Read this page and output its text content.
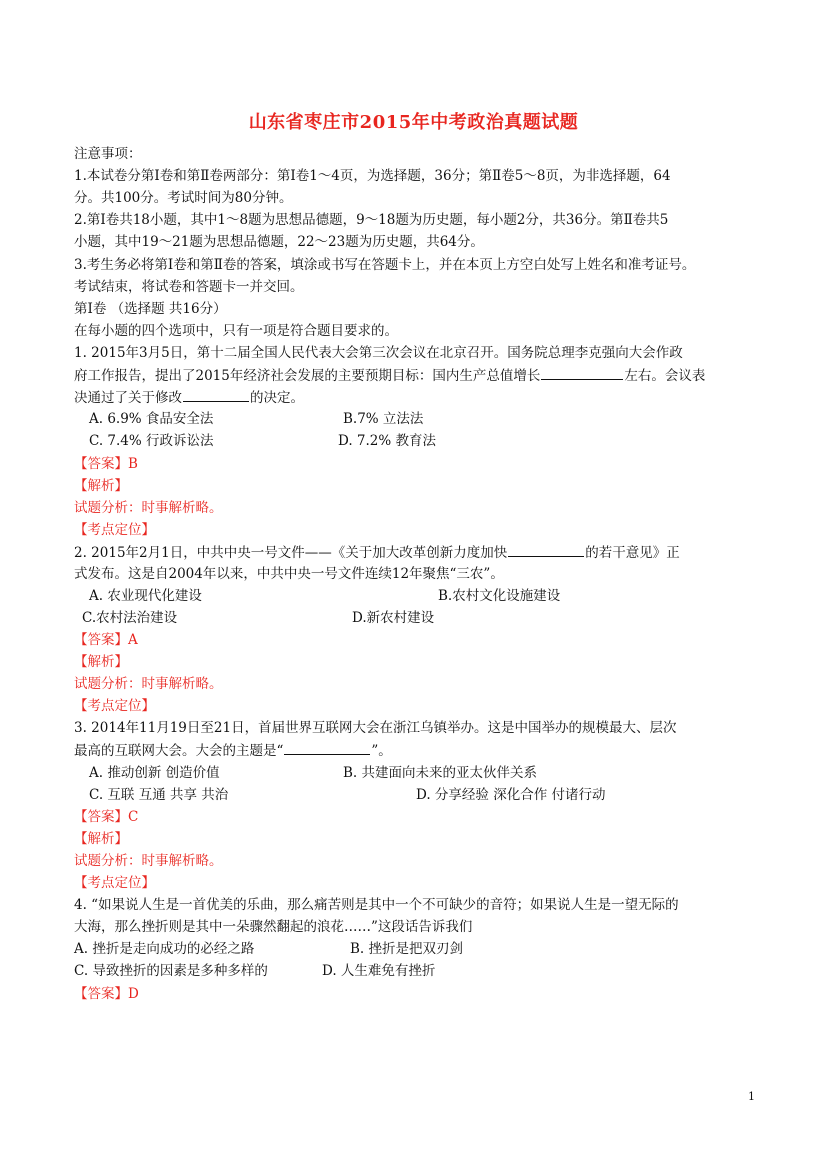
山东省枣庄市2015年中考政治真题试题
注意事项：
1.本试卷分第Ⅰ卷和第Ⅱ卷两部分：第Ⅰ卷1～4页，为选择题，36分；第Ⅱ卷5～8页，为非选择题，64
分。共100分。考试时间为80分钟。
2.第Ⅰ卷共18小题，其中1～8题为思想品德题，9～18题为历史题，每小题2分，共36分。第Ⅱ卷共5
小题，其中19～21题为思想品德题，22～23题为历史题，共64分。
3.考生务必将第Ⅰ卷和第Ⅱ卷的答案，填涂或书写在答题卡上，并在本页上方空白处写上姓名和准考证号。
考试结束，将试卷和答题卡一并交回。
第Ⅰ卷 （选择题 共16分）
在每小题的四个选项中，只有一项是符合题目要求的。
1. 2015年3月5日，第十二届全国人民代表大会第三次会议在北京召开。国务院总理李克强向大会作政
府工作报告，提出了2015年经济社会发展的主要预期目标：国内生产总值增长	左右。会议表
决通过了关于修改	的决定。
A. 6.9% 食品安全法	B.7% 立法法
C. 7.4% 行政诉讼法	D. 7.2% 教育法
【答案】B
【解析】
试题分析：时事解析略。
【考点定位】
2. 2015年2月1日，中共中央一号文件——《关于加大改革创新力度加快	的若干意见》正
式发布。这是自2004年以来，中共中央一号文件连续12年聚焦“三农”。
A. 农业现代化建设	B.农村文化设施建设
C.农村法治建设	D.新农村建设
【答案】A
【解析】
试题分析：时事解析略。
【考点定位】
3. 2014年11月19日至21日，首届世界互联网大会在浙江乌镇举办。这是中国举办的规模最大、层次
最高的互联网大会。大会的主题是“	”。
A. 推动创新 创造价值	B. 共建面向未来的亚太伙伴关系
C. 互联 互通 共享 共治	D. 分享经验 深化合作 付诸行动
【答案】C
【解析】
试题分析：时事解析略。
【考点定位】
4. “如果说人生是一首优美的乐曲，那么痛苦则是其中一个不可缺少的音符；如果说人生是一望无际的
大海，那么挫折则是其中一朵骤然翻起的浪花……”这段话告诉我们
A. 挫折是走向成功的必经之路	B. 挫折是把双刃剑
C. 导致挫折的因素是多种多样的	D. 人生难免有挫折
【答案】D
1
